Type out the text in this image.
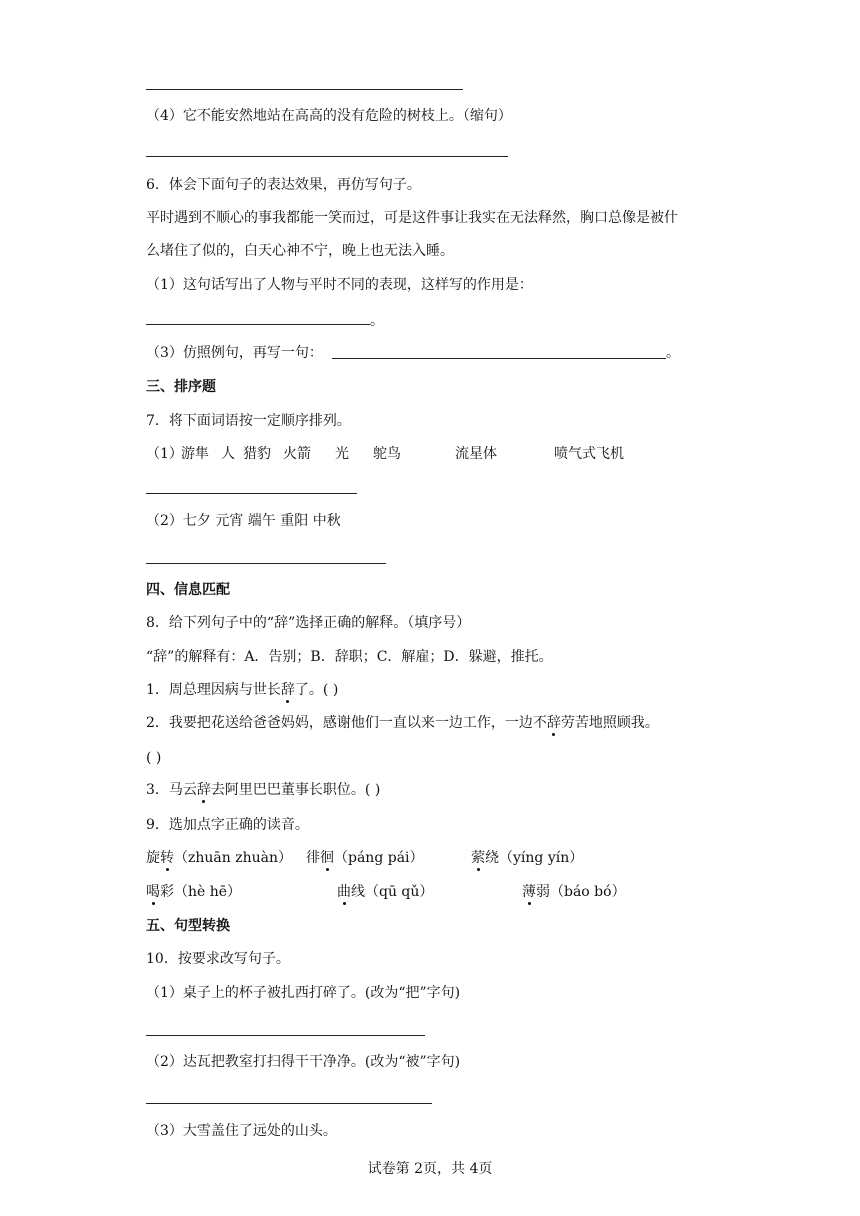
（4）它不能安然地站在高高的没有危险的树枝上。（缩句）
6．体会下面句子的表达效果，再仿写句子。
平时遇到不顺心的事我都能一笑而过，可是这件事让我实在无法释然，胸口总像是被什
么堵住了似的，白天心神不宁，晚上也无法入睡。
（1）这句话写出了人物与平时不同的表现，这样写的作用是：
。
（3）仿照例句，再写一句：	。
三、排序题
7．将下面词语按一定顺序排列。
（1）
游隼 人 猎豹 火箭 光 鸵鸟	流星体	喷气式飞机
（2）七夕 元宵 端午 重阳 中秋
四、信息匹配
8．给下列句子中的“辞”选择正确的解释。（填序号）
“辞”的解释有：A．告别；B．辞职；C．解雇；D．躲避，推托。
1．周总理因病与世长辞了。( )
2．我要把花送给爸爸妈妈，感谢他们一直以来一边工作，一边不辞劳苦地照顾我。
( )
3．马云辞去阿里巴巴董事长职位。( )
9．选加点字正确的读音。
旋转（zhuān zhuàn） 徘徊（páng pái）	萦绕（yíng yín）
喝彩（hè hē）	曲线（qū qǔ）	薄弱（báo bó）
五、句型转换
10．按要求改写句子。
（1）桌子上的杯子被扎西打碎了。(改为“把”字句)
（2）达瓦把教室打扫得干干净净。(改为“被”字句)
（3）大雪盖住了远处的山头。
试卷第 2页，共 4页
